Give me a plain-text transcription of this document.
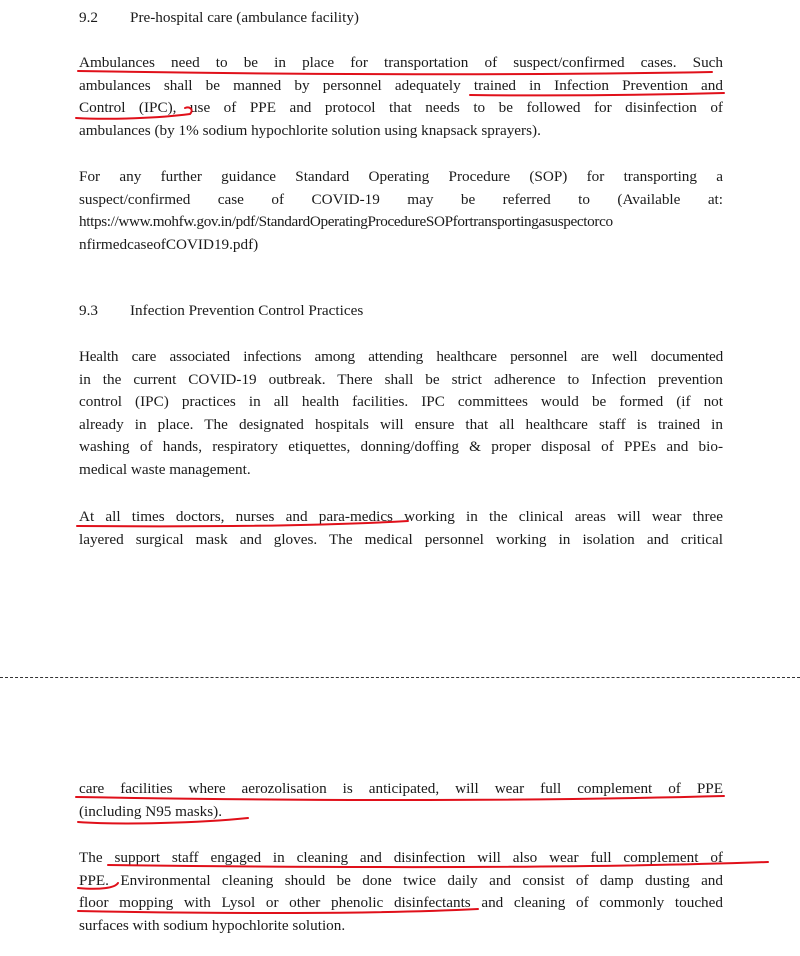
9.2 Pre-hospital care (ambulance facility)
Ambulances need to be in place for transportation of suspect/confirmed cases. Such
ambulances shall be manned by personnel adequately trained in Infection Prevention and
Control (IPC), use of PPE and protocol that needs to be followed for disinfection of
ambulances (by 1% sodium hypochlorite solution using knapsack sprayers).
For any further guidance Standard Operating Procedure (SOP) for transporting a
suspect/confirmed case of COVID-19 may be referred to (Available at:
https://www.mohfw.gov.in/pdf/StandardOperatingProcedureSOPfortransportingasuspectorco
nfirmedcaseofCOVID19.pdf)
9.3 Infection Prevention Control Practices
Health care associated infections among attending healthcare personnel are well documented
in the current COVID-19 outbreak. There shall be strict adherence to Infection prevention
control (IPC) practices in all health facilities. IPC committees would be formed (if not
already in place. The designated hospitals will ensure that all healthcare staff is trained in
washing of hands, respiratory etiquettes, donning/doffing & proper disposal of PPEs and bio-
medical waste management.
At all times doctors, nurses and para-medics working in the clinical areas will wear three
layered surgical mask and gloves. The medical personnel working in isolation and critical
care facilities where aerozolisation is anticipated, will wear full complement of PPE
(including N95 masks).
The support staff engaged in cleaning and disinfection will also wear full complement of
PPE. Environmental cleaning should be done twice daily and consist of damp dusting and
floor mopping with Lysol or other phenolic disinfectants and cleaning of commonly touched
surfaces with sodium hypochlorite solution.
